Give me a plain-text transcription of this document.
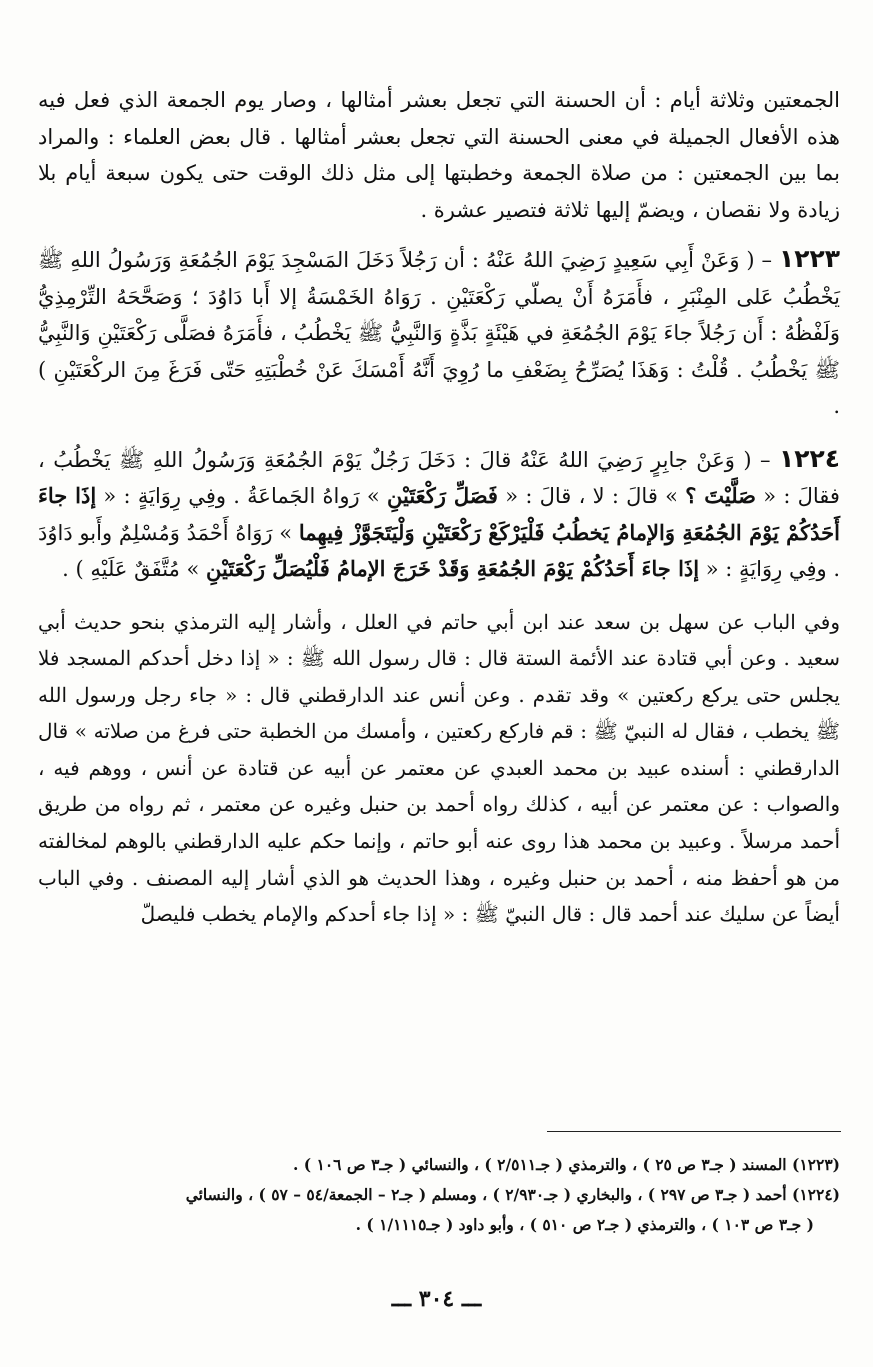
الجمعتين وثلاثة أيام : أن الحسنة التي تجعل بعشر أمثالها ، وصار يوم الجمعة الذي فعل فيه هذه الأفعال الجميلة في معنى الحسنة التي تجعل بعشر أمثالها . قال بعض العلماء : والمراد بما بين الجمعتين : من صلاة الجمعة وخطبتها إلى مثل ذلك الوقت حتى يكون سبعة أيام بلا زيادة ولا نقصان ، ويضمّ إليها ثلاثة فتصير عشرة .

١٢٢٣ – ( وَعَنْ أَبِي سَعِيدٍ رَضِيَ اللهُ عَنْهُ : أن رَجُلاً دَخَلَ المَسْجِدَ يَوْمَ الجُمُعَةِ وَرَسُولُ اللهِ ﷺ يَخْطُبُ عَلى المِنْبَرِ ، فأَمَرَهُ أَنْ يصلّي رَكْعَتَيْنِ . رَوَاهُ الخَمْسَةُ إلا أَبا دَاوُدَ ؛ وَصَحَّحَهُ التِّرْمِذِيُّ وَلَفْظُهُ : أَن رَجُلاً جاءَ يَوْمَ الجُمُعَةِ في هَيْئَةٍ بَذَّةٍ وَالنَّبِيُّ ﷺ يَخْطُبُ ، فأَمَرَهُ فصَلَّى رَكْعَتَيْنِ وَالنَّبِيُّ ﷺ يَخْطُبُ . قُلْتُ : وَهَذَا يُصَرِّحُ بِضَعْفِ ما رُوِيَ أَنَّهُ أَمْسَكَ عَنْ خُطْبَتِهِ حَتّى فَرَغَ مِنَ الركْعَتَيْنِ ) .

١٢٢٤ – ( وَعَنْ جابِرٍ رَضِيَ اللهُ عَنْهُ قالَ : دَخَلَ رَجُلٌ يَوْمَ الجُمُعَةِ وَرَسُولُ اللهِ ﷺ يَخْطُبُ ، فقالَ : « صَلَّيْتَ ؟ » قالَ : لا ، قالَ : « فَصَلِّ رَكْعَتَيْنِ » رَواهُ الجَماعَةُ . وفِي رِوَايَةٍ : « إذَا جاءَ أَحَدُكُمْ يَوْمَ الجُمُعَةِ وَالإمامُ يَخطُبُ فَلْيَرْكَعْ رَكْعَتَيْنِ وَلْيَتَجَوَّزْ فِيهِما » رَوَاهُ أَحْمَدُ وَمُسْلِمٌ وأَبو دَاوُدَ . وفِي رِوَايَةٍ : « إذَا جاءَ أَحَدُكُمْ يَوْمَ الجُمُعَةِ وَقَدْ خَرَجَ الإمامُ فَلْيُصَلِّ رَكْعَتَيْنِ » مُتَّفَقٌ عَلَيْهِ ) .

وفي الباب عن سهل بن سعد عند ابن أبي حاتم في العلل ، وأشار إليه الترمذي بنحو حديث أبي سعيد . وعن أبي قتادة عند الأئمة الستة قال : قال رسول الله ﷺ : « إذا دخل أحدكم المسجد فلا يجلس حتى يركع ركعتين » وقد تقدم . وعن أنس عند الدارقطني قال : « جاء رجل ورسول الله ﷺ يخطب ، فقال له النبيّ ﷺ : قم فاركع ركعتين ، وأمسك من الخطبة حتى فرغ من صلاته » قال الدارقطني : أسنده عبيد بن محمد العبدي عن معتمر عن أبيه عن قتادة عن أنس ، ووهم فيه ، والصواب : عن معتمر عن أبيه ، كذلك رواه أحمد بن حنبل وغيره عن معتمر ، ثم رواه من طريق أحمد مرسلاً . وعبيد بن محمد هذا روى عنه أبو حاتم ، وإنما حكم عليه الدارقطني بالوهم لمخالفته من هو أحفظ منه ، أحمد بن حنبل وغيره ، وهذا الحديث هو الذي أشار إليه المصنف . وفي الباب أيضاً عن سليك عند أحمد قال : قال النبيّ ﷺ : « إذا جاء أحدكم والإمام يخطب فليصلّ

(١٢٢٣) المسند ( جـ٣ ص ٢٥ ) ، والترمذي ( جـ٢/٥١١ ) ، والنسائي ( جـ٣ ص ١٠٦ ) .

(١٢٢٤) أحمد ( جـ٣ ص ٢٩٧ ) ، والبخاري ( جـ٢/٩٣٠ ) ، ومسلم ( جـ٢ – الجمعة/٥٤ – ٥٧ ) ، والنسائي

( جـ٣ ص ١٠٣ ) ، والترمذي ( جـ٢ ص ٥١٠ ) ، وأبو داود ( جـ١/١١١٥ ) .

ـــ ٣٠٤ ـــ
